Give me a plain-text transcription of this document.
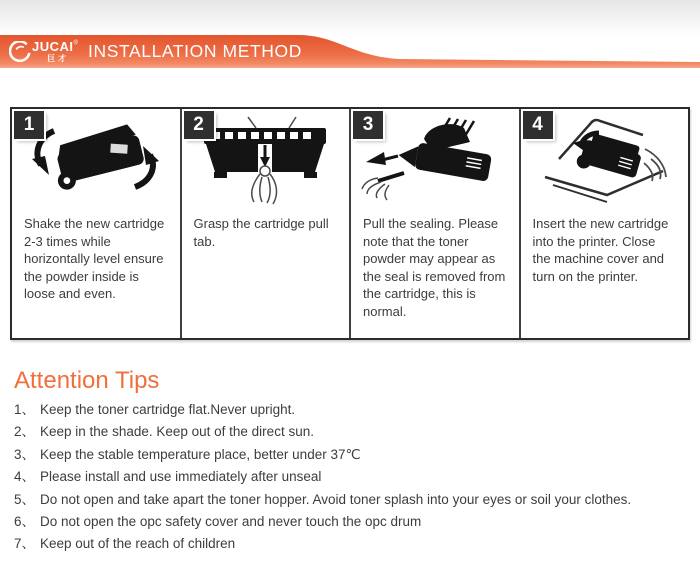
JUCAI®
巨才	INSTALLATION METHOD
1
Shake the new cartridge 2-3 times while horizontally level ensure the powder inside is loose and even.
2
Grasp the cartridge pull tab.
3
Pull the sealing. Please note that the toner powder may appear as the seal is removed from the cartridge, this is normal.
4
Insert the new cartridge into the printer. Close the machine cover and turn on the printer.
Attention Tips
1、 Keep the toner cartridge flat.Never upright.
2、 Keep in the shade. Keep out of the direct sun.
3、 Keep the stable temperature place, better under 37℃
4、 Please install and use immediately after unseal
5、 Do not open and take apart the toner hopper. Avoid toner splash into your eyes or soil your clothes.
6、 Do not open the opc safety cover and never touch the opc drum
7、 Keep out of the reach of children
